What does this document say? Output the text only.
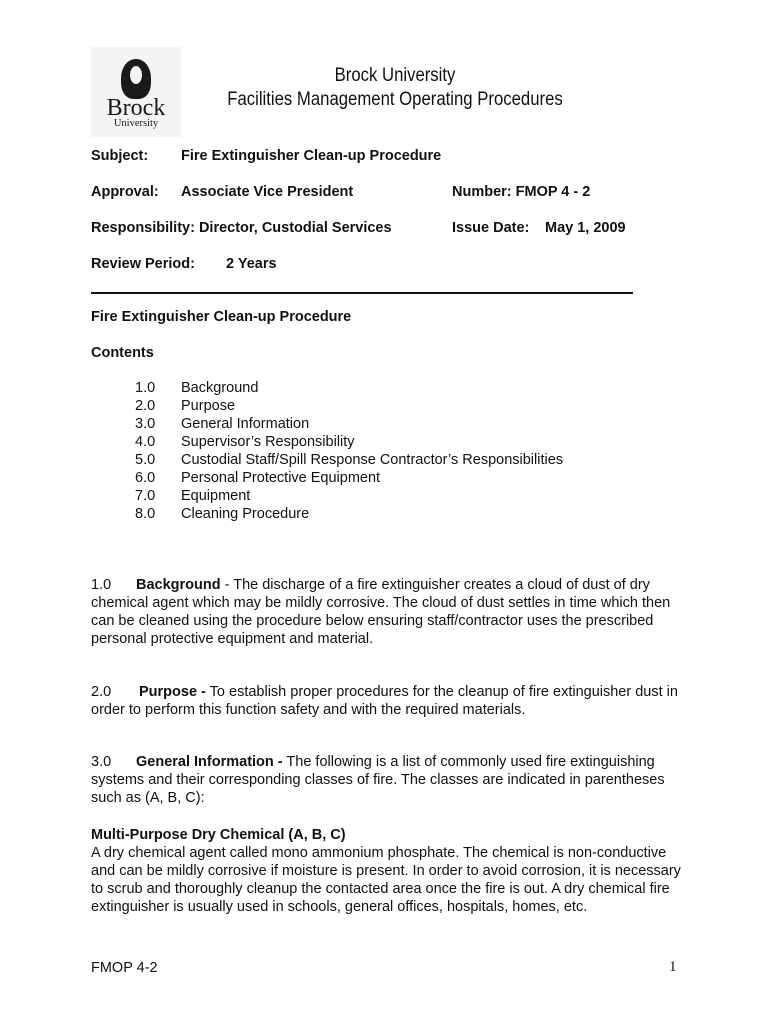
Brock
University
Brock University
Facilities Management Operating Procedures
Subject: Fire Extinguisher Clean-up Procedure
Approval: Associate Vice President	Number: FMOP 4 - 2
Responsibility: Director, Custodial Services	Issue Date: May 1, 2009
Review Period: 2 Years
Fire Extinguisher Clean-up Procedure
Contents
1.0 Background
2.0 Purpose
3.0 General Information
4.0 Supervisor’s Responsibility
5.0 Custodial Staff/Spill Response Contractor’s Responsibilities
6.0 Personal Protective Equipment
7.0 Equipment
8.0 Cleaning Procedure
1.0 Background - The discharge of a fire extinguisher creates a cloud of dust of dry chemical agent which may be mildly corrosive. The cloud of dust settles in time which then can be cleaned using the procedure below ensuring staff/contractor uses the prescribed personal protective equipment and material.
2.0 Purpose - To establish proper procedures for the cleanup of fire extinguisher dust in order to perform this function safety and with the required materials.
3.0 General Information - The following is a list of commonly used fire extinguishing systems and their corresponding classes of fire. The classes are indicated in parentheses such as (A, B, C):
Multi-Purpose Dry Chemical (A, B, C)
A dry chemical agent called mono ammonium phosphate. The chemical is non-conductive and can be mildly corrosive if moisture is present. In order to avoid corrosion, it is necessary to scrub and thoroughly cleanup the contacted area once the fire is out. A dry chemical fire extinguisher is usually used in schools, general offices, hospitals, homes, etc.
FMOP 4-2	1
